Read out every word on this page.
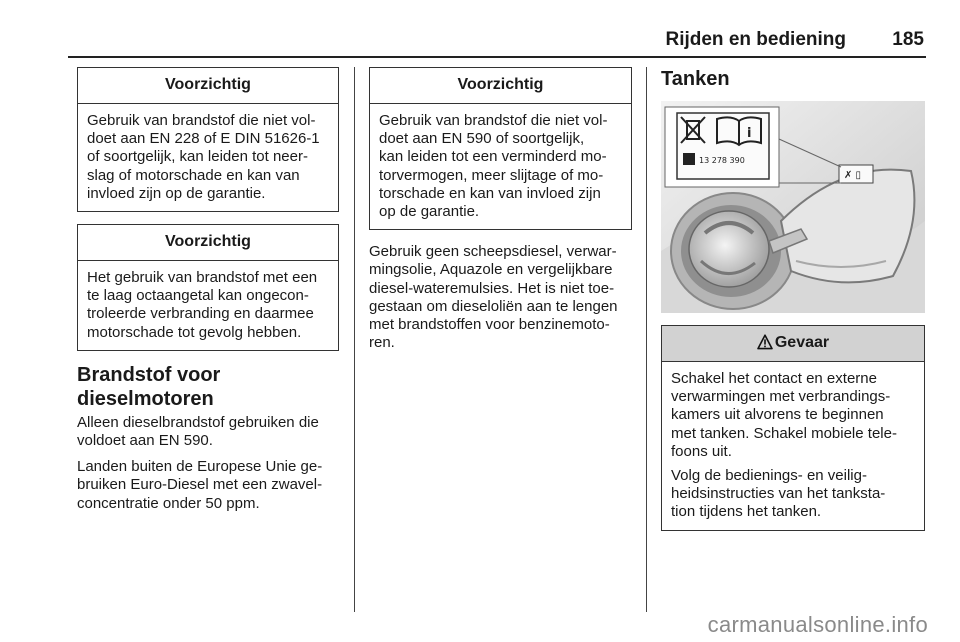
Rijden en bediening 185
Voorzichtig

Gebruik van brandstof die niet vol-
doet aan EN 228 of E DIN 51626-1
of soortgelijk, kan leiden tot neer-
slag of motorschade en kan van
invloed zijn op de garantie.

Voorzichtig

Het gebruik van brandstof met een
te laag octaangetal kan ongecon-
troleerde verbranding en daarmee
motorschade tot gevolg hebben.

Brandstof voor
dieselmotoren

Alleen dieselbrandstof gebruiken die
voldoet aan EN 590.

Landen buiten de Europese Unie ge-
bruiken Euro-Diesel met een zwavel-
concentratie onder 50 ppm.

Voorzichtig

Gebruik van brandstof die niet vol-
doet aan EN 590 of soortgelijk,
kan leiden tot een verminderd mo-
torvermogen, meer slijtage of mo-
torschade en kan van invloed zijn
op de garantie.

Gebruik geen scheepsdiesel, verwar-
mingsolie, Aquazole en vergelijkbare
diesel-wateremulsies. Het is niet toe-
gestaan om dieseloliën aan te lengen
met brandstoffen voor benzinemoto-
ren.

Tanken
✗ ▯
i
13 278 390
Gevaar

Schakel het contact en externe
verwarmingen met verbrandings-
kamers uit alvorens te beginnen
met tanken. Schakel mobiele tele-
foons uit.

Volg de bedienings- en veilig-
heidsinstructies van het tanksta-
tion tijdens het tanken.

carmanualsonline.info
